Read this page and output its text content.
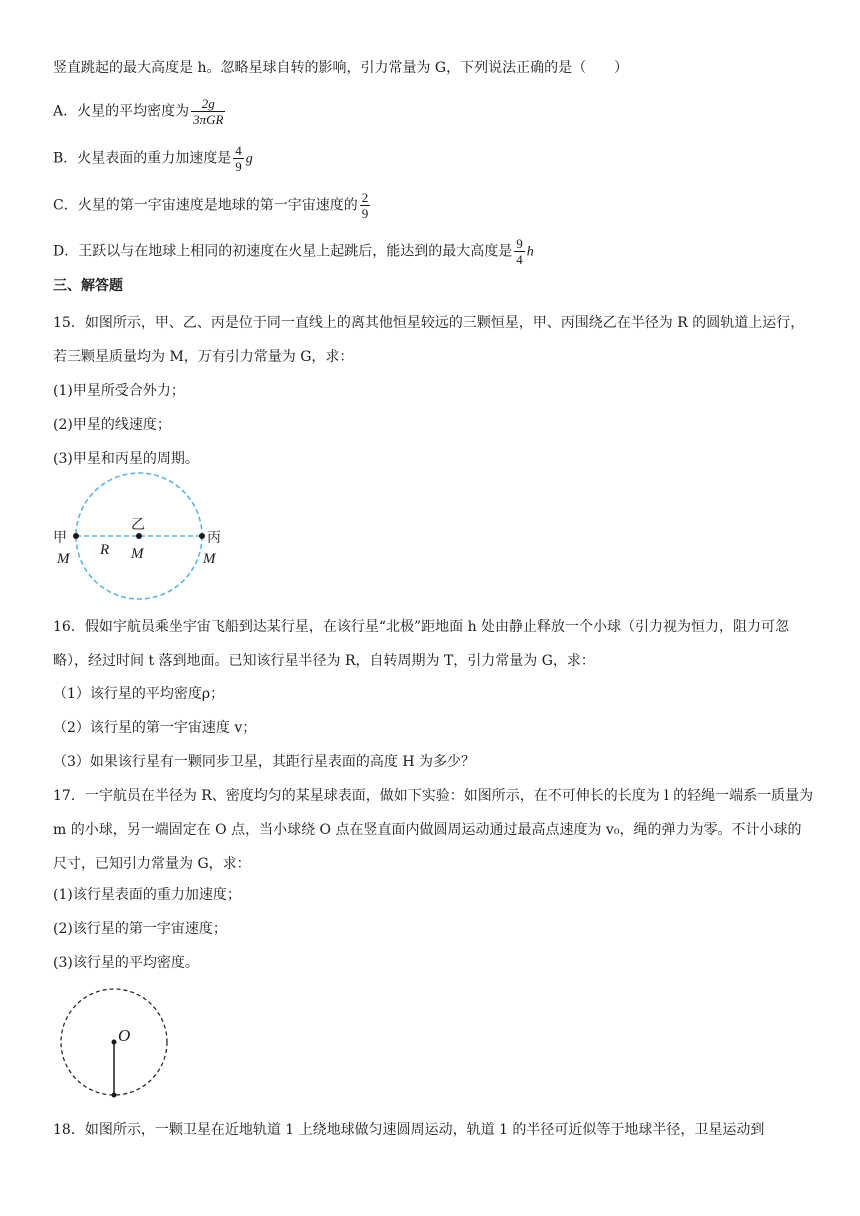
竖直跳起的最大高度是 h。忽略星球自转的影响，引力常量为 G，下列说法正确的是（　　）
A．火星的平均密度为 $\frac{2g}{\text{3πGR}}$
B．火星表面的重力加速度是 $\frac{4}{9}$ g
C．火星的第一宇宙速度是地球的第一宇宙速度的 $\frac{2}{9}$
D．王跃以与在地球上相同的初速度在火星上起跳后，能达到的最大高度是 $\frac{9}{4}$ h
三、解答题
15．如图所示，甲、乙、丙是位于同一直线上的离其他恒星较远的三颗恒星，甲、丙围绕乙在半径为 R 的圆轨道上运行，若三颗星质量均为 M，万有引力常量为 G，求：
(1)甲星所受合外力；
(2)甲星的线速度；
(3)甲星和丙星的周期。
甲
M
乙
M
R
丙
M
16．假如宇航员乘坐宇宙飞船到达某行星，在该行星“北极”距地面 h 处由静止释放一个小球（引力视为恒力，阻力可忽略），经过时间 t 落到地面。已知该行星半径为 R，自转周期为 T，引力常量为 G，求：
（1）该行星的平均密度ρ；
（2）该行星的第一宇宙速度 v；
（3）如果该行星有一颗同步卫星，其距行星表面的高度 H 为多少？
17．一宇航员在半径为 R、密度均匀的某星球表面，做如下实验：如图所示，在不可伸长的长度为 l 的轻绳一端系一质量为 m 的小球，另一端固定在 O 点，当小球绕 O 点在竖直面内做圆周运动通过最高点速度为 v₀，绳的弹力为零。不计小球的尺寸，已知引力常量为 G，求：
(1)该行星表面的重力加速度；
(2)该行星的第一宇宙速度；
(3)该行星的平均密度。
O
18．如图所示，一颗卫星在近地轨道 1 上绕地球做匀速圆周运动，轨道 1 的半径可近似等于地球半径，卫星运动到
